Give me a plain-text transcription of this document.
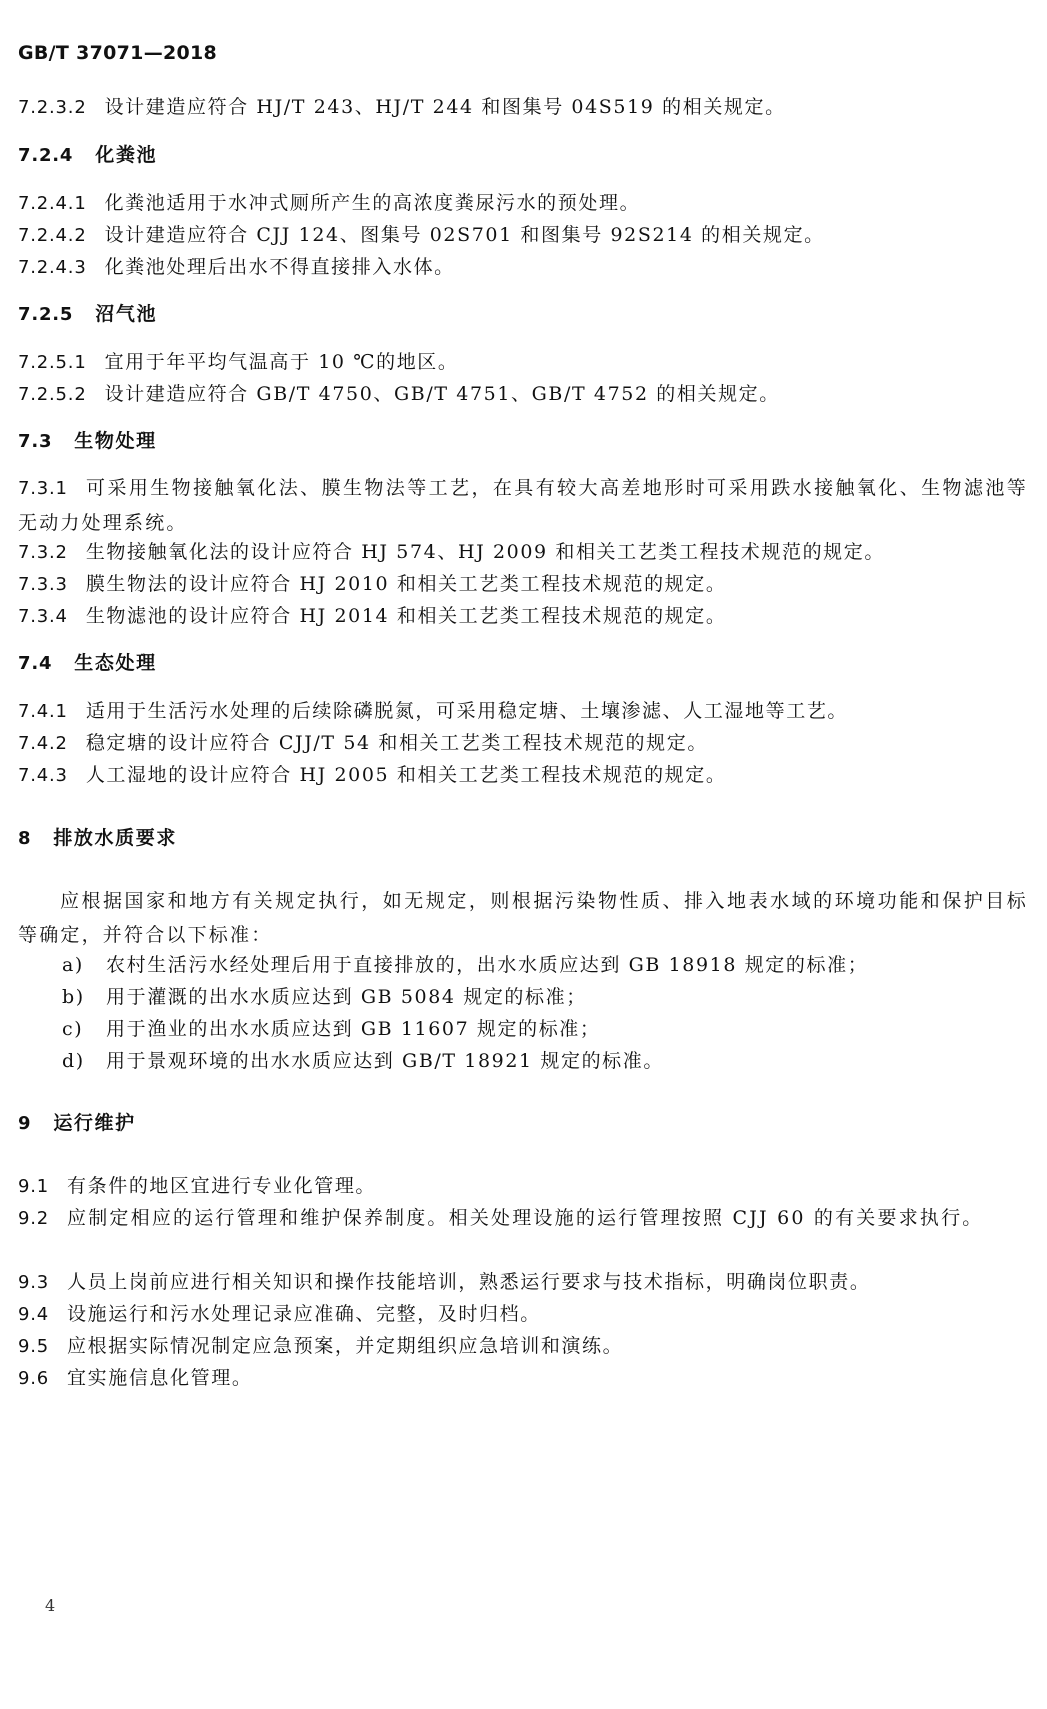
GB/T 37071—2018
7.2.3.2 设计建造应符合 HJ/T 243、HJ/T 244 和图集号 04S519 的相关规定。
7.2.4 化粪池
7.2.4.1 化粪池适用于水冲式厕所产生的高浓度粪尿污水的预处理。
7.2.4.2 设计建造应符合 CJJ 124、图集号 02S701 和图集号 92S214 的相关规定。
7.2.4.3 化粪池处理后出水不得直接排入水体。
7.2.5 沼气池
7.2.5.1 宜用于年平均气温高于 10 ℃的地区。
7.2.5.2 设计建造应符合 GB/T 4750、GB/T 4751、GB/T 4752 的相关规定。
7.3 生物处理
7.3.1 可采用生物接触氧化法、膜生物法等工艺，在具有较大高差地形时可采用跌水接触氧化、生物滤池等无动力处理系统。
7.3.2 生物接触氧化法的设计应符合 HJ 574、HJ 2009 和相关工艺类工程技术规范的规定。
7.3.3 膜生物法的设计应符合 HJ 2010 和相关工艺类工程技术规范的规定。
7.3.4 生物滤池的设计应符合 HJ 2014 和相关工艺类工程技术规范的规定。
7.4 生态处理
7.4.1 适用于生活污水处理的后续除磷脱氮，可采用稳定塘、土壤渗滤、人工湿地等工艺。
7.4.2 稳定塘的设计应符合 CJJ/T 54 和相关工艺类工程技术规范的规定。
7.4.3 人工湿地的设计应符合 HJ 2005 和相关工艺类工程技术规范的规定。
8 排放水质要求
应根据国家和地方有关规定执行，如无规定，则根据污染物性质、排入地表水域的环境功能和保护目标等确定，并符合以下标准：
a) 农村生活污水经处理后用于直接排放的，出水水质应达到 GB 18918 规定的标准；
b) 用于灌溉的出水水质应达到 GB 5084 规定的标准；
c) 用于渔业的出水水质应达到 GB 11607 规定的标准；
d) 用于景观环境的出水水质应达到 GB/T 18921 规定的标准。
9 运行维护
9.1 有条件的地区宜进行专业化管理。
9.2 应制定相应的运行管理和维护保养制度。相关处理设施的运行管理按照 CJJ 60 的有关要求执行。
9.3 人员上岗前应进行相关知识和操作技能培训，熟悉运行要求与技术指标，明确岗位职责。
9.4 设施运行和污水处理记录应准确、完整，及时归档。
9.5 应根据实际情况制定应急预案，并定期组织应急培训和演练。
9.6 宜实施信息化管理。
4
